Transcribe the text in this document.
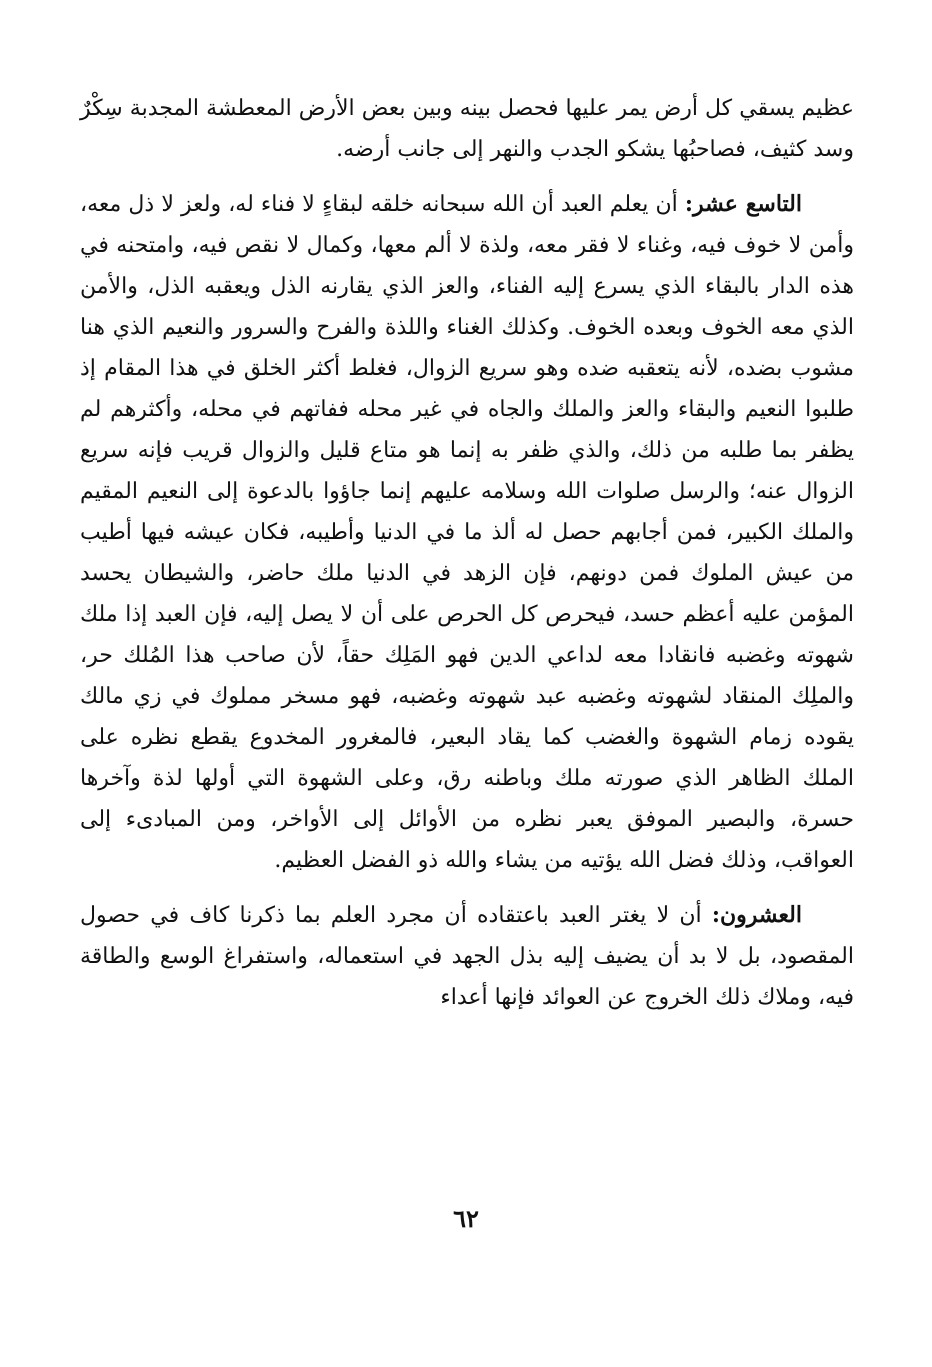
عظيم يسقي كل أرض يمر عليها فحصل بينه وبين بعض الأرض المعطشة المجدبة سِكْرٌ وسد كثيف، فصاحبُها يشكو الجدب والنهر إلى جانب أرضه.

التاسع عشر: أن يعلم العبد أن الله سبحانه خلقه لبقاءٍ لا فناء له، ولعز لا ذل معه، وأمن لا خوف فيه، وغناء لا فقر معه، ولذة لا ألم معها، وكمال لا نقص فيه، وامتحنه في هذه الدار بالبقاء الذي يسرع إليه الفناء، والعز الذي يقارنه الذل ويعقبه الذل، والأمن الذي معه الخوف وبعده الخوف. وكذلك الغناء واللذة والفرح والسرور والنعيم الذي هنا مشوب بضده، لأنه يتعقبه ضده وهو سريع الزوال، فغلط أكثر الخلق في هذا المقام إذ طلبوا النعيم والبقاء والعز والملك والجاه في غير محله ففاتهم في محله، وأكثرهم لم يظفر بما طلبه من ذلك، والذي ظفر به إنما هو متاع قليل والزوال قريب فإنه سريع الزوال عنه؛ والرسل صلوات الله وسلامه عليهم إنما جاؤوا بالدعوة إلى النعيم المقيم والملك الكبير، فمن أجابهم حصل له ألذ ما في الدنيا وأطيبه، فكان عيشه فيها أطيب من عيش الملوك فمن دونهم، فإن الزهد في الدنيا ملك حاضر، والشيطان يحسد المؤمن عليه أعظم حسد، فيحرص كل الحرص على أن لا يصل إليه، فإن العبد إذا ملك شهوته وغضبه فانقادا معه لداعي الدين فهو المَلِك حقاً، لأن صاحب هذا المُلك حر، والملِك المنقاد لشهوته وغضبه عبد شهوته وغضبه، فهو مسخر مملوك في زي مالك يقوده زمام الشهوة والغضب كما يقاد البعير، فالمغرور المخدوع يقطع نظره على الملك الظاهر الذي صورته ملك وباطنه رق، وعلى الشهوة التي أولها لذة وآخرها حسرة، والبصير الموفق يعبر نظره من الأوائل إلى الأواخر، ومن المبادىء إلى العواقب، وذلك فضل الله يؤتيه من يشاء والله ذو الفضل العظيم.

العشرون: أن لا يغتر العبد باعتقاده أن مجرد العلم بما ذكرنا كاف في حصول المقصود، بل لا بد أن يضيف إليه بذل الجهد في استعماله، واستفراغ الوسع والطاقة فيه، وملاك ذلك الخروج عن العوائد فإنها أعداء

٦٢
